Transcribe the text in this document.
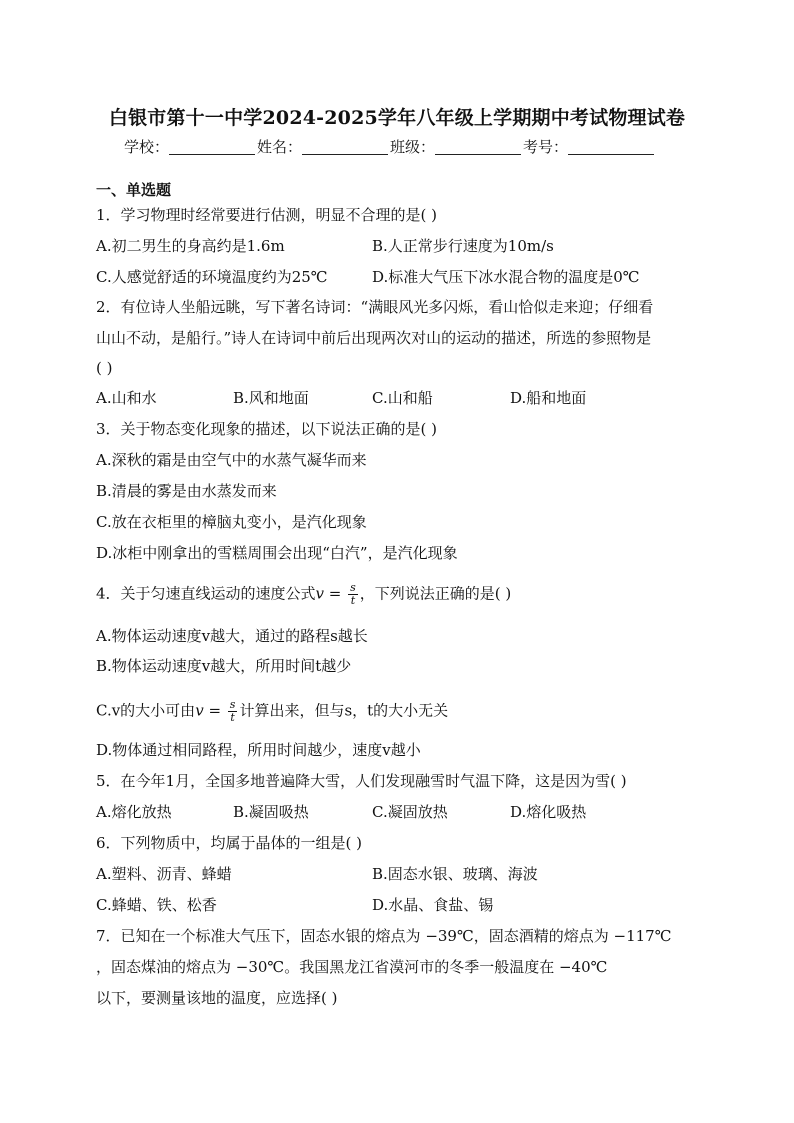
白银市第十一中学2024-2025学年八年级上学期期中考试物理试卷
学校：	姓名：	班级：	考号：
一、单选题
1．学习物理时经常要进行估测，明显不合理的是( )
A.初二男生的身高约是1.6m	B.人正常步行速度为10m/s
C.人感觉舒适的环境温度约为25℃	D.标准大气压下冰水混合物的温度是0℃
2．有位诗人坐船远眺，写下著名诗词：“满眼风光多闪烁，看山恰似走来迎；仔细看
山山不动，是船行。”诗人在诗词中前后出现两次对山的运动的描述，所选的参照物是
( )
A.山和水	B.风和地面	C.山和船	D.船和地面
3．关于物态变化现象的描述，以下说法正确的是( )
A.深秋的霜是由空气中的水蒸气凝华而来
B.清晨的雾是由水蒸发而来
C.放在衣柜里的樟脑丸变小，是汽化现象
D.冰柜中刚拿出的雪糕周围会出现“白汽”，是汽化现象
4．关于匀速直线运动的速度公式$v = \frac{s}{t}$ ，下列说法正确的是( )
A.物体运动速度v越大，通过的路程s越长
B.物体运动速度v越大，所用时间t越少
C.v的大小可由$v = \frac{s}{t}$ 计算出来，但与s，t的大小无关
D.物体通过相同路程，所用时间越少，速度v越小
5．在今年1月，全国多地普遍降大雪，人们发现融雪时气温下降，这是因为雪( )
A.熔化放热	B.凝固吸热	C.凝固放热	D.熔化吸热
6．下列物质中，均属于晶体的一组是( )
A.塑料、沥青、蜂蜡	B.固态水银、玻璃、海波
C.蜂蜡、铁、松香	D.水晶、食盐、锡
7．已知在一个标准大气压下，固态水银的熔点为 −39℃，固态酒精的熔点为 −117℃
，固态煤油的熔点为 −30℃。我国黑龙江省漠河市的冬季一般温度在 −40℃
以下，要测量该地的温度，应选择( )
